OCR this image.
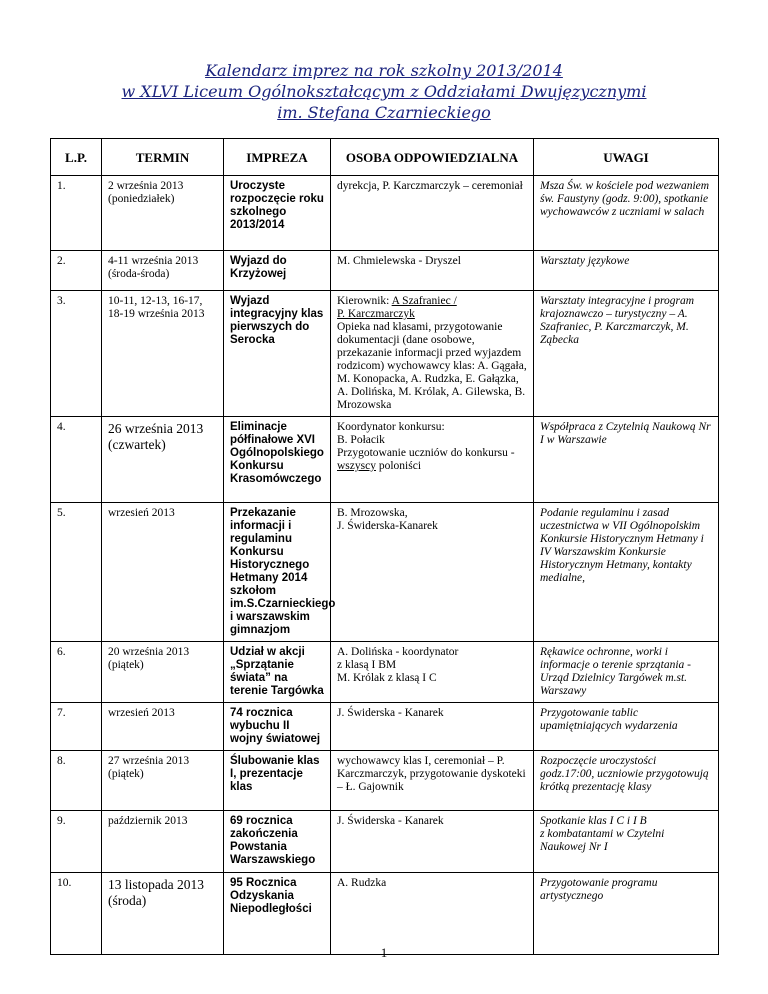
Kalendarz imprez na rok szkolny 2013/2014
w XLVI Liceum Ogólnokształcącym z Oddziałami Dwujęzycznymi
im. Stefana Czarnieckiego
L.P.	TERMIN	IMPREZA	OSOBA ODPOWIEDZIALNA	UWAGI
1.	2 września 2013 (poniedziałek)	Uroczyste rozpoczęcie roku szkolnego 2013/2014	dyrekcja, P. Karczmarczyk – ceremoniał	Msza Św. w kościele pod wezwaniem św. Faustyny (godz. 9:00), spotkanie wychowawców z uczniami w salach
2.	4-11 września 2013 (środa-środa)	Wyjazd do Krzyżowej	M. Chmielewska - Dryszel	Warsztaty językowe
3.	10-11, 12-13, 16-17, 18-19 września 2013	Wyjazd integracyjny klas pierwszych do Serocka	Kierownik: A Szafraniec /
P. Karczmarczyk
Opieka nad klasami, przygotowanie dokumentacji (dane osobowe, przekazanie informacji przed wyjazdem rodzicom) wychowawcy klas: A. Gągała, M. Konopacka, A. Rudzka, E. Gałązka, A. Dolińska, M. Królak, A. Gilewska, B. Mrozowska	Warsztaty integracyjne i program krajoznawczo – turystyczny – A. Szafraniec, P. Karczmarczyk, M. Ząbecka
4.	26 września 2013 (czwartek)	Eliminacje półfinałowe XVI Ogólnopolskiego Konkursu Krasomówczego	Koordynator konkursu:
B. Połacik
Przygotowanie uczniów do konkursu - wszyscy poloniści	Współpraca z Czytelnią Naukową Nr I w Warszawie
5.	wrzesień 2013	Przekazanie informacji i regulaminu Konkursu Historycznego Hetmany 2014 szkołom im.S.Czarnieckiego i warszawskim gimnazjom	B. Mrozowska,
J. Świderska-Kanarek	Podanie regulaminu i zasad uczestnictwa w VII Ogólnopolskim Konkursie Historycznym Hetmany i IV Warszawskim Konkursie Historycznym Hetmany, kontakty medialne,
6.	20 września 2013 (piątek)	Udział w akcji „Sprzątanie świata” na terenie Targówka	A. Dolińska - koordynator
z klasą I BM
M. Królak z klasą I C	Rękawice ochronne, worki i informacje o terenie sprzątania -Urząd Dzielnicy Targówek m.st. Warszawy
7.	wrzesień 2013	74 rocznica wybuchu II wojny światowej	J. Świderska - Kanarek	Przygotowanie tablic upamiętniających wydarzenia
8.	27 września 2013
(piątek)	Ślubowanie klas I, prezentacje klas	wychowawcy klas I, ceremoniał – P. Karczmarczyk, przygotowanie dyskoteki – Ł. Gajownik	Rozpoczęcie uroczystości godz.17:00, uczniowie przygotowują krótką prezentację klasy
9.	październik 2013	69 rocznica zakończenia Powstania Warszawskiego	J. Świderska - Kanarek	Spotkanie klas I C i I B
z kombatantami w Czytelni Naukowej Nr I

10.	13 listopada 2013 (środa)	95 Rocznica Odzyskania Niepodległości	A. Rudzka	Przygotowanie programu artystycznego
1
